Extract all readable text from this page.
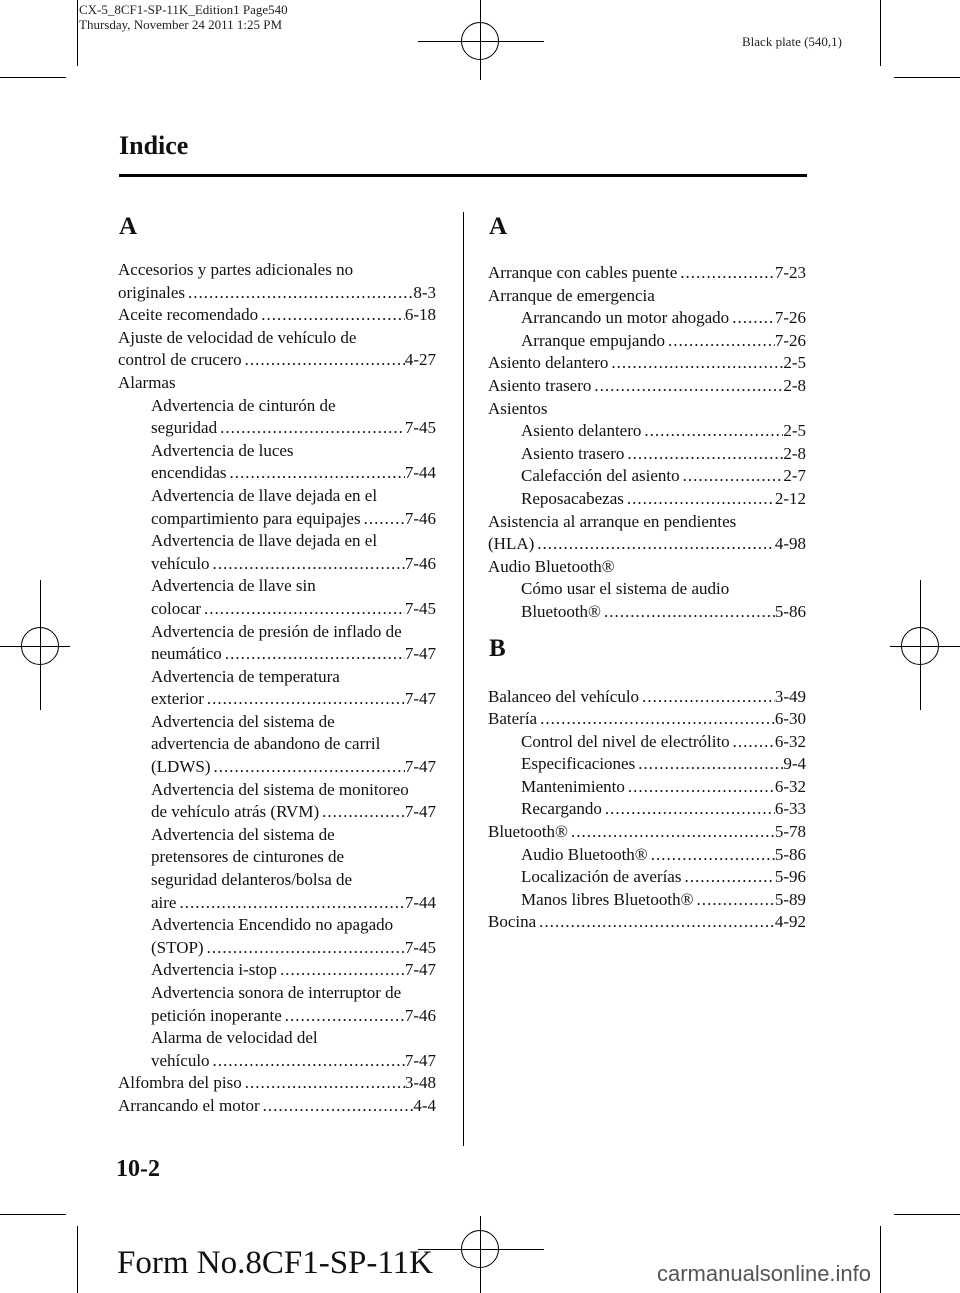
CX-5_8CF1-SP-11K_Edition1 Page540
Thursday, November 24 2011 1:25 PM
Black plate (540,1)
Indice
A
Accesorios y partes adicionales no
originales .....	8-3
Aceite recomendado .....	6-18
Ajuste de velocidad de vehículo de
control de crucero .....	4-27
Alarmas
Advertencia de cinturón de
seguridad .....	7-45
Advertencia de luces
encendidas .....	7-44
Advertencia de llave dejada en el
compartimiento para equipajes .....	7-46
Advertencia de llave dejada en el
vehículo .....	7-46
Advertencia de llave sin
colocar .....	7-45
Advertencia de presión de inflado de
neumático .....	7-47
Advertencia de temperatura
exterior .....	7-47
Advertencia del sistema de
advertencia de abandono de carril
(LDWS) .....	7-47
Advertencia del sistema de monitoreo
de vehículo atrás (RVM) .....	7-47
Advertencia del sistema de
pretensores de cinturones de
seguridad delanteros/bolsa de
aire .....	7-44
Advertencia Encendido no apagado
(STOP) .....	7-45
Advertencia i-stop .....	7-47
Advertencia sonora de interruptor de
petición inoperante .....	7-46
Alarma de velocidad del
vehículo .....	7-47
Alfombra del piso .....	3-48
Arrancando el motor .....	4-4
A
Arranque con cables puente .....	7-23
Arranque de emergencia
Arrancando un motor ahogado .....	7-26
Arranque empujando .....	7-26
Asiento delantero .....	2-5
Asiento trasero .....	2-8
Asientos
Asiento delantero .....	2-5
Asiento trasero .....	2-8
Calefacción del asiento .....	2-7
Reposacabezas .....	2-12
Asistencia al arranque en pendientes
(HLA) .....	4-98
Audio Bluetooth®
Cómo usar el sistema de audio
Bluetooth® .....	5-86
B
Balanceo del vehículo .....	3-49
Batería .....	6-30
Control del nivel de electrólito .....	6-32
Especificaciones .....	9-4
Mantenimiento .....	6-32
Recargando .....	6-33
Bluetooth® .....	5-78
Audio Bluetooth® .....	5-86
Localización de averías .....	5-96
Manos libres Bluetooth® .....	5-89
Bocina .....	4-92
10-2
Form No.8CF1-SP-11K	carmanualsonline.info
